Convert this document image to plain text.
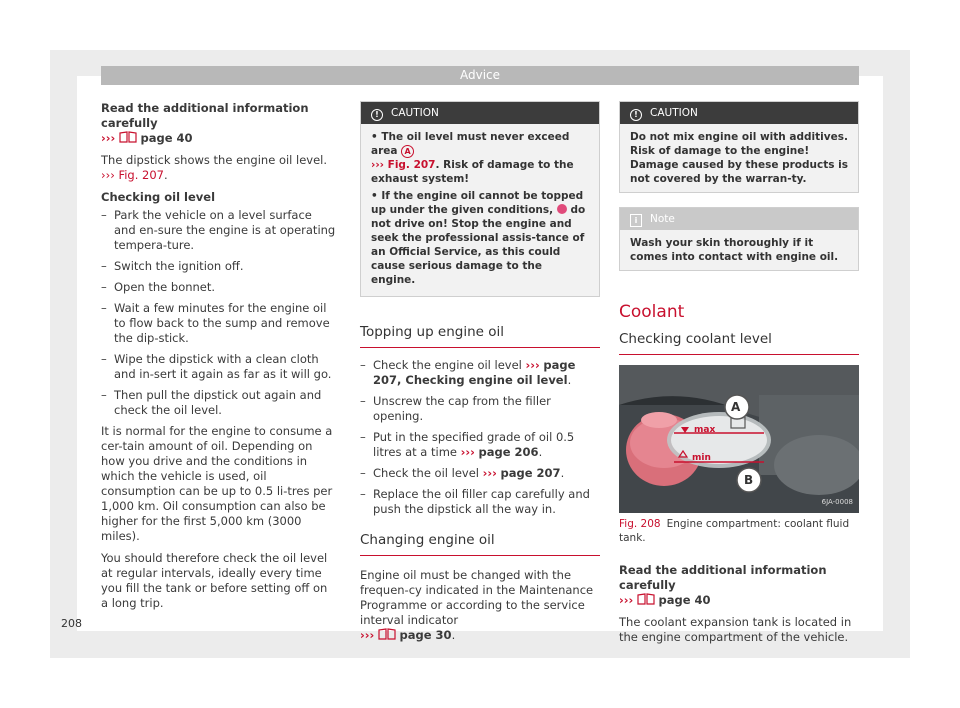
Advice

Read the additional information carefully
››› page 40

The dipstick shows the engine oil level.
››› Fig. 207.

Checking oil level
– Park the vehicle on a level surface and en-sure the engine is at operating tempera-ture.
– Switch the ignition off.
– Open the bonnet.
– Wait a few minutes for the engine oil to flow back to the sump and remove the dip-stick.
– Wipe the dipstick with a clean cloth and in-sert it again as far as it will go.
– Then pull the dipstick out again and check the oil level.

It is normal for the engine to consume a cer-tain amount of oil. Depending on how you drive and the conditions in which the vehicle is used, oil consumption can be up to 0.5 li-tres per 1,000 km. Oil consumption can also be higher for the first 5,000 km (3000 miles).

You should therefore check the oil level at regular intervals, ideally every time you fill the tank or before setting off on a long trip.

! CAUTION
• The oil level must never exceed area A
››› Fig. 207. Risk of damage to the exhaust system!
• If the engine oil cannot be topped up under the given conditions, do not drive on! Stop the engine and seek the professional assis-tance of an Official Service, as this could cause serious damage to the engine.
Topping up engine oil
– Check the engine oil level ››› page 207, Checking engine oil level.
– Unscrew the cap from the filler opening.
– Put in the specified grade of oil 0.5 litres at a time ››› page 206.
– Check the oil level ››› page 207.
– Replace the oil filler cap carefully and push the dipstick all the way in.
Changing engine oil

Engine oil must be changed with the frequen-cy indicated in the Maintenance Programme or according to the service interval indicator
››› page 30.

! CAUTION
Do not mix engine oil with additives. Risk of damage to the engine! Damage caused by these products is not covered by the warran-ty.
i Note
Wash your skin thoroughly if it comes into contact with engine oil.
Coolant
Checking coolant level
max
min
A
B
6JA-0008
Fig. 208 Engine compartment: coolant fluid tank.

Read the additional information carefully
››› page 40

The coolant expansion tank is located in the engine compartment of the vehicle.

208
